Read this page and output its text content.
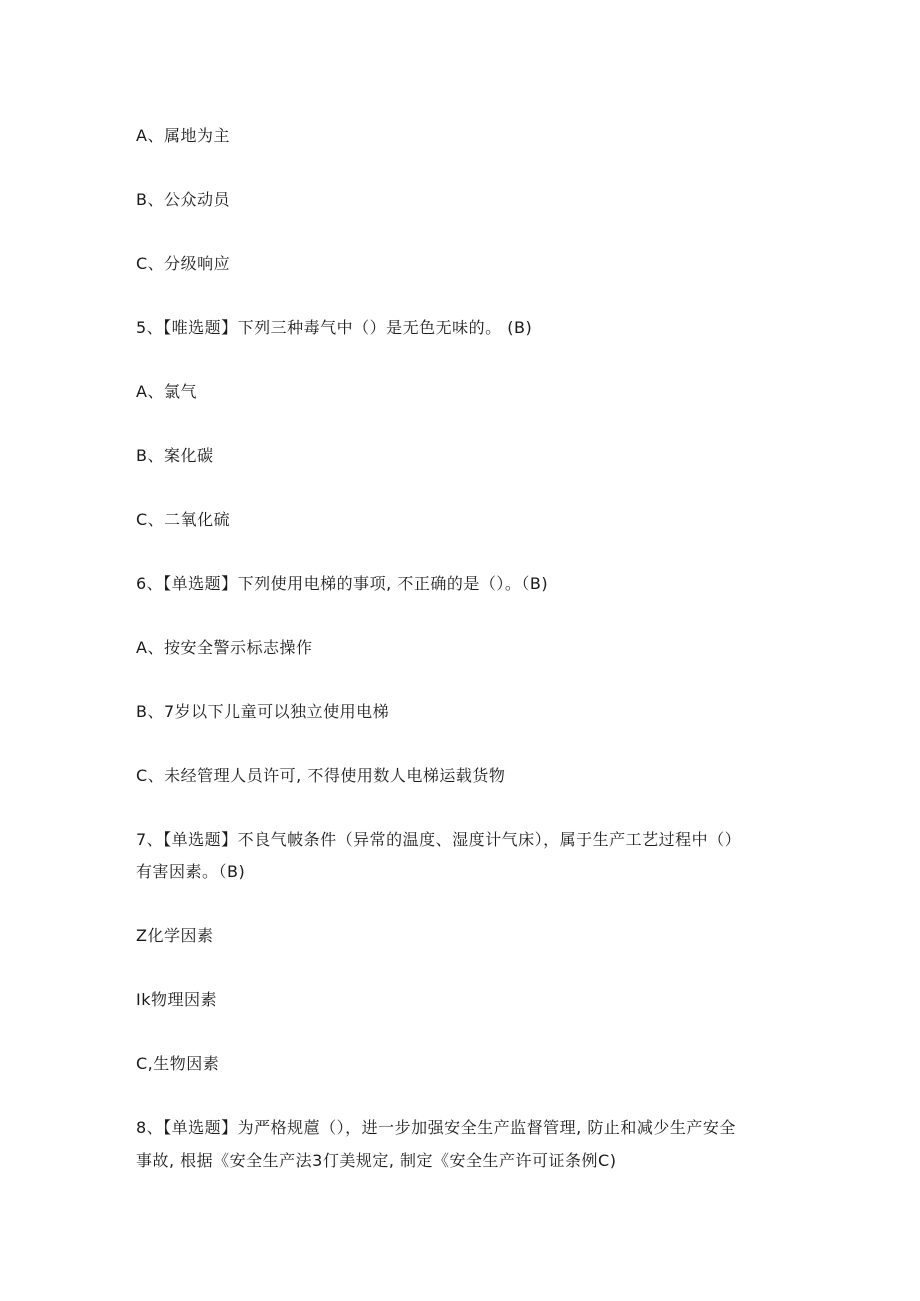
A、属地为主
B、公众动员
C、分级响应
5、【唯选题】下列三种毒气中（）是无色无味的。 (B)
A、氯气
B、案化碳
C、二氧化硫
6、【单选题】下列使用电梯的事项, 不正确的是（）。（B)
A、按安全警示标志操作
B、7岁以下儿童可以独立使用电梯
C、未经管理人员许可, 不得使用数人电梯运载货物
7、【单选题】不良气帔条件（异常的温度、湿度计气床），属于生产工艺过程中（）
有害因素。（B)
Z化学因素
Ik物理因素
C,生物因素
8、【单选题】为严格规蔰（），进一步加强安全生产监督管理, 防止和减少生产安全
事故, 根据《安全生产法3仃美规定, 制定《安全生产许可证条例C)
